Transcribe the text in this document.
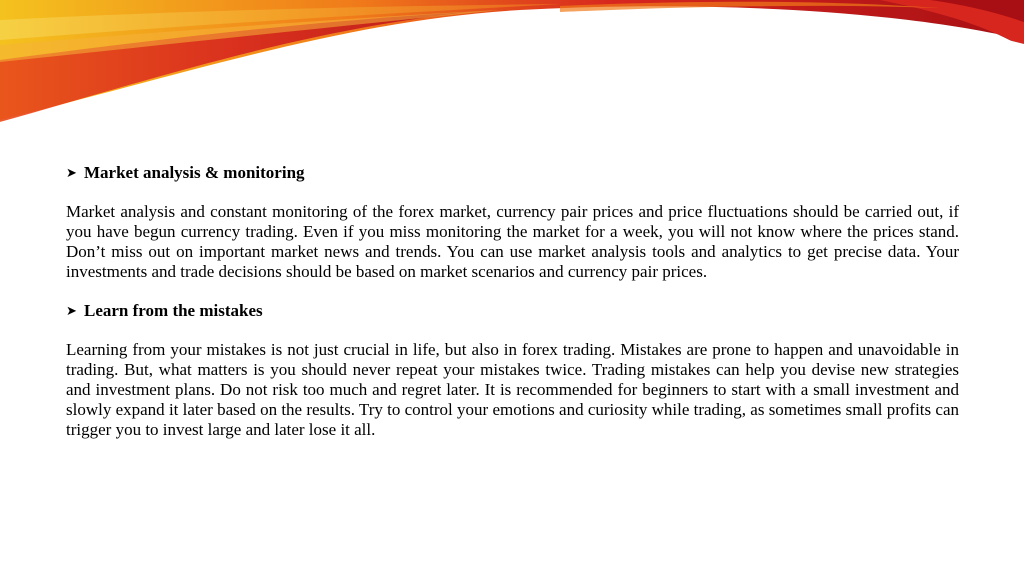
➤ Market analysis & monitoring

Market analysis and constant monitoring of the forex market, currency pair prices and price fluctuations should be carried out, if you have begun currency trading. Even if you miss monitoring the market for a week, you will not know where the prices stand. Don’t miss out on important market news and trends. You can use market analysis tools and analytics to get precise data. Your investments and trade decisions should be based on market scenarios and currency pair prices.

➤ Learn from the mistakes

Learning from your mistakes is not just crucial in life, but also in forex trading. Mistakes are prone to happen and unavoidable in trading. But, what matters is you should never repeat your mistakes twice. Trading mistakes can help you devise new strategies and investment plans. Do not risk too much and regret later. It is recommended for beginners to start with a small investment and slowly expand it later based on the results. Try to control your emotions and curiosity while trading, as sometimes small profits can trigger you to invest large and later lose it all.
